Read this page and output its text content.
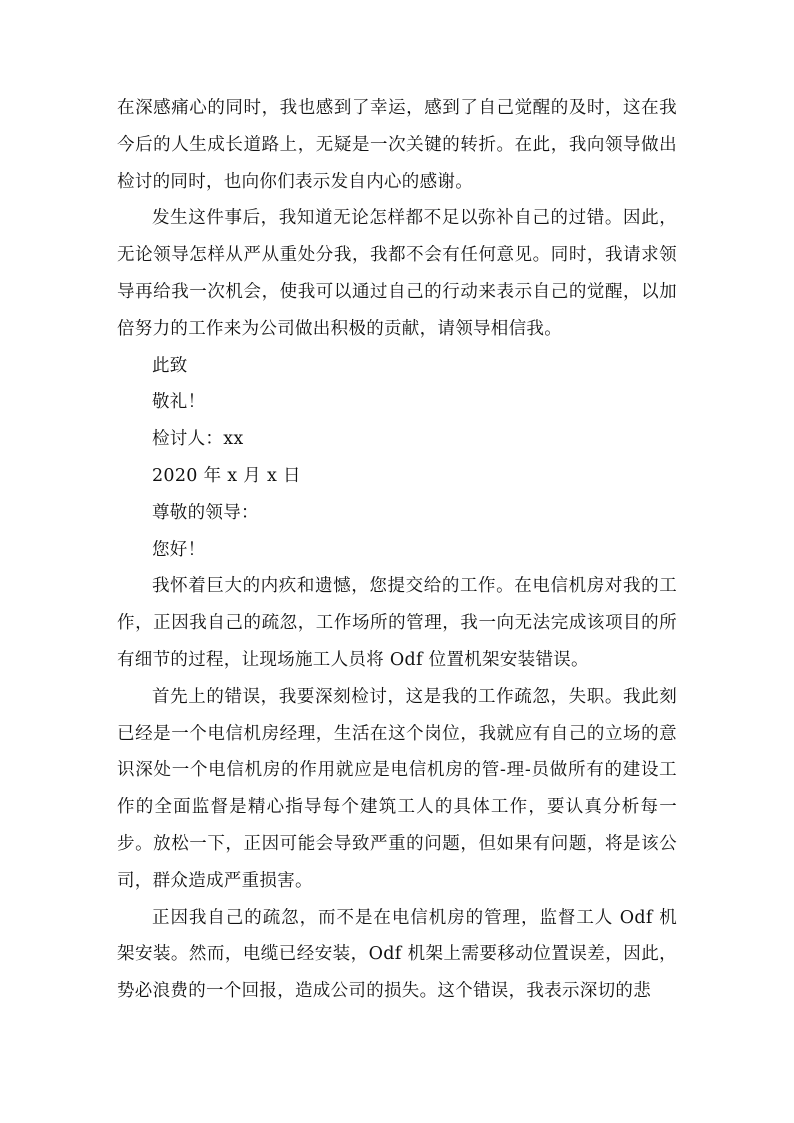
在深感痛心的同时，我也感到了幸运，感到了自己觉醒的及时，这在我今后的人生成长道路上，无疑是一次关键的转折。在此，我向领导做出检讨的同时，也向你们表示发自内心的感谢。

发生这件事后，我知道无论怎样都不足以弥补自己的过错。因此，无论领导怎样从严从重处分我，我都不会有任何意见。同时，我请求领导再给我一次机会，使我可以通过自己的行动来表示自己的觉醒，以加倍努力的工作来为公司做出积极的贡献，请领导相信我。

此致

敬礼！

检讨人：xx

2020 年 x 月 x 日

尊敬的领导：

您好！

我怀着巨大的内疚和遗憾，您提交给的工作。在电信机房对我的工作，正因我自己的疏忽，工作场所的管理，我一向无法完成该项目的所有细节的过程，让现场施工人员将 Odf 位置机架安装错误。

首先上的错误，我要深刻检讨，这是我的工作疏忽，失职。我此刻已经是一个电信机房经理，生活在这个岗位，我就应有自己的立场的意识深处一个电信机房的作用就应是电信机房的管-理-员做所有的建设工作的全面监督是精心指导每个建筑工人的具体工作，要认真分析每一步。放松一下，正因可能会导致严重的问题，但如果有问题，将是该公司，群众造成严重损害。

正因我自己的疏忽，而不是在电信机房的管理，监督工人 Odf 机架安装。然而，电缆已经安装，Odf 机架上需要移动位置误差，因此，势必浪费的一个回报，造成公司的损失。这个错误，我表示深切的悲
